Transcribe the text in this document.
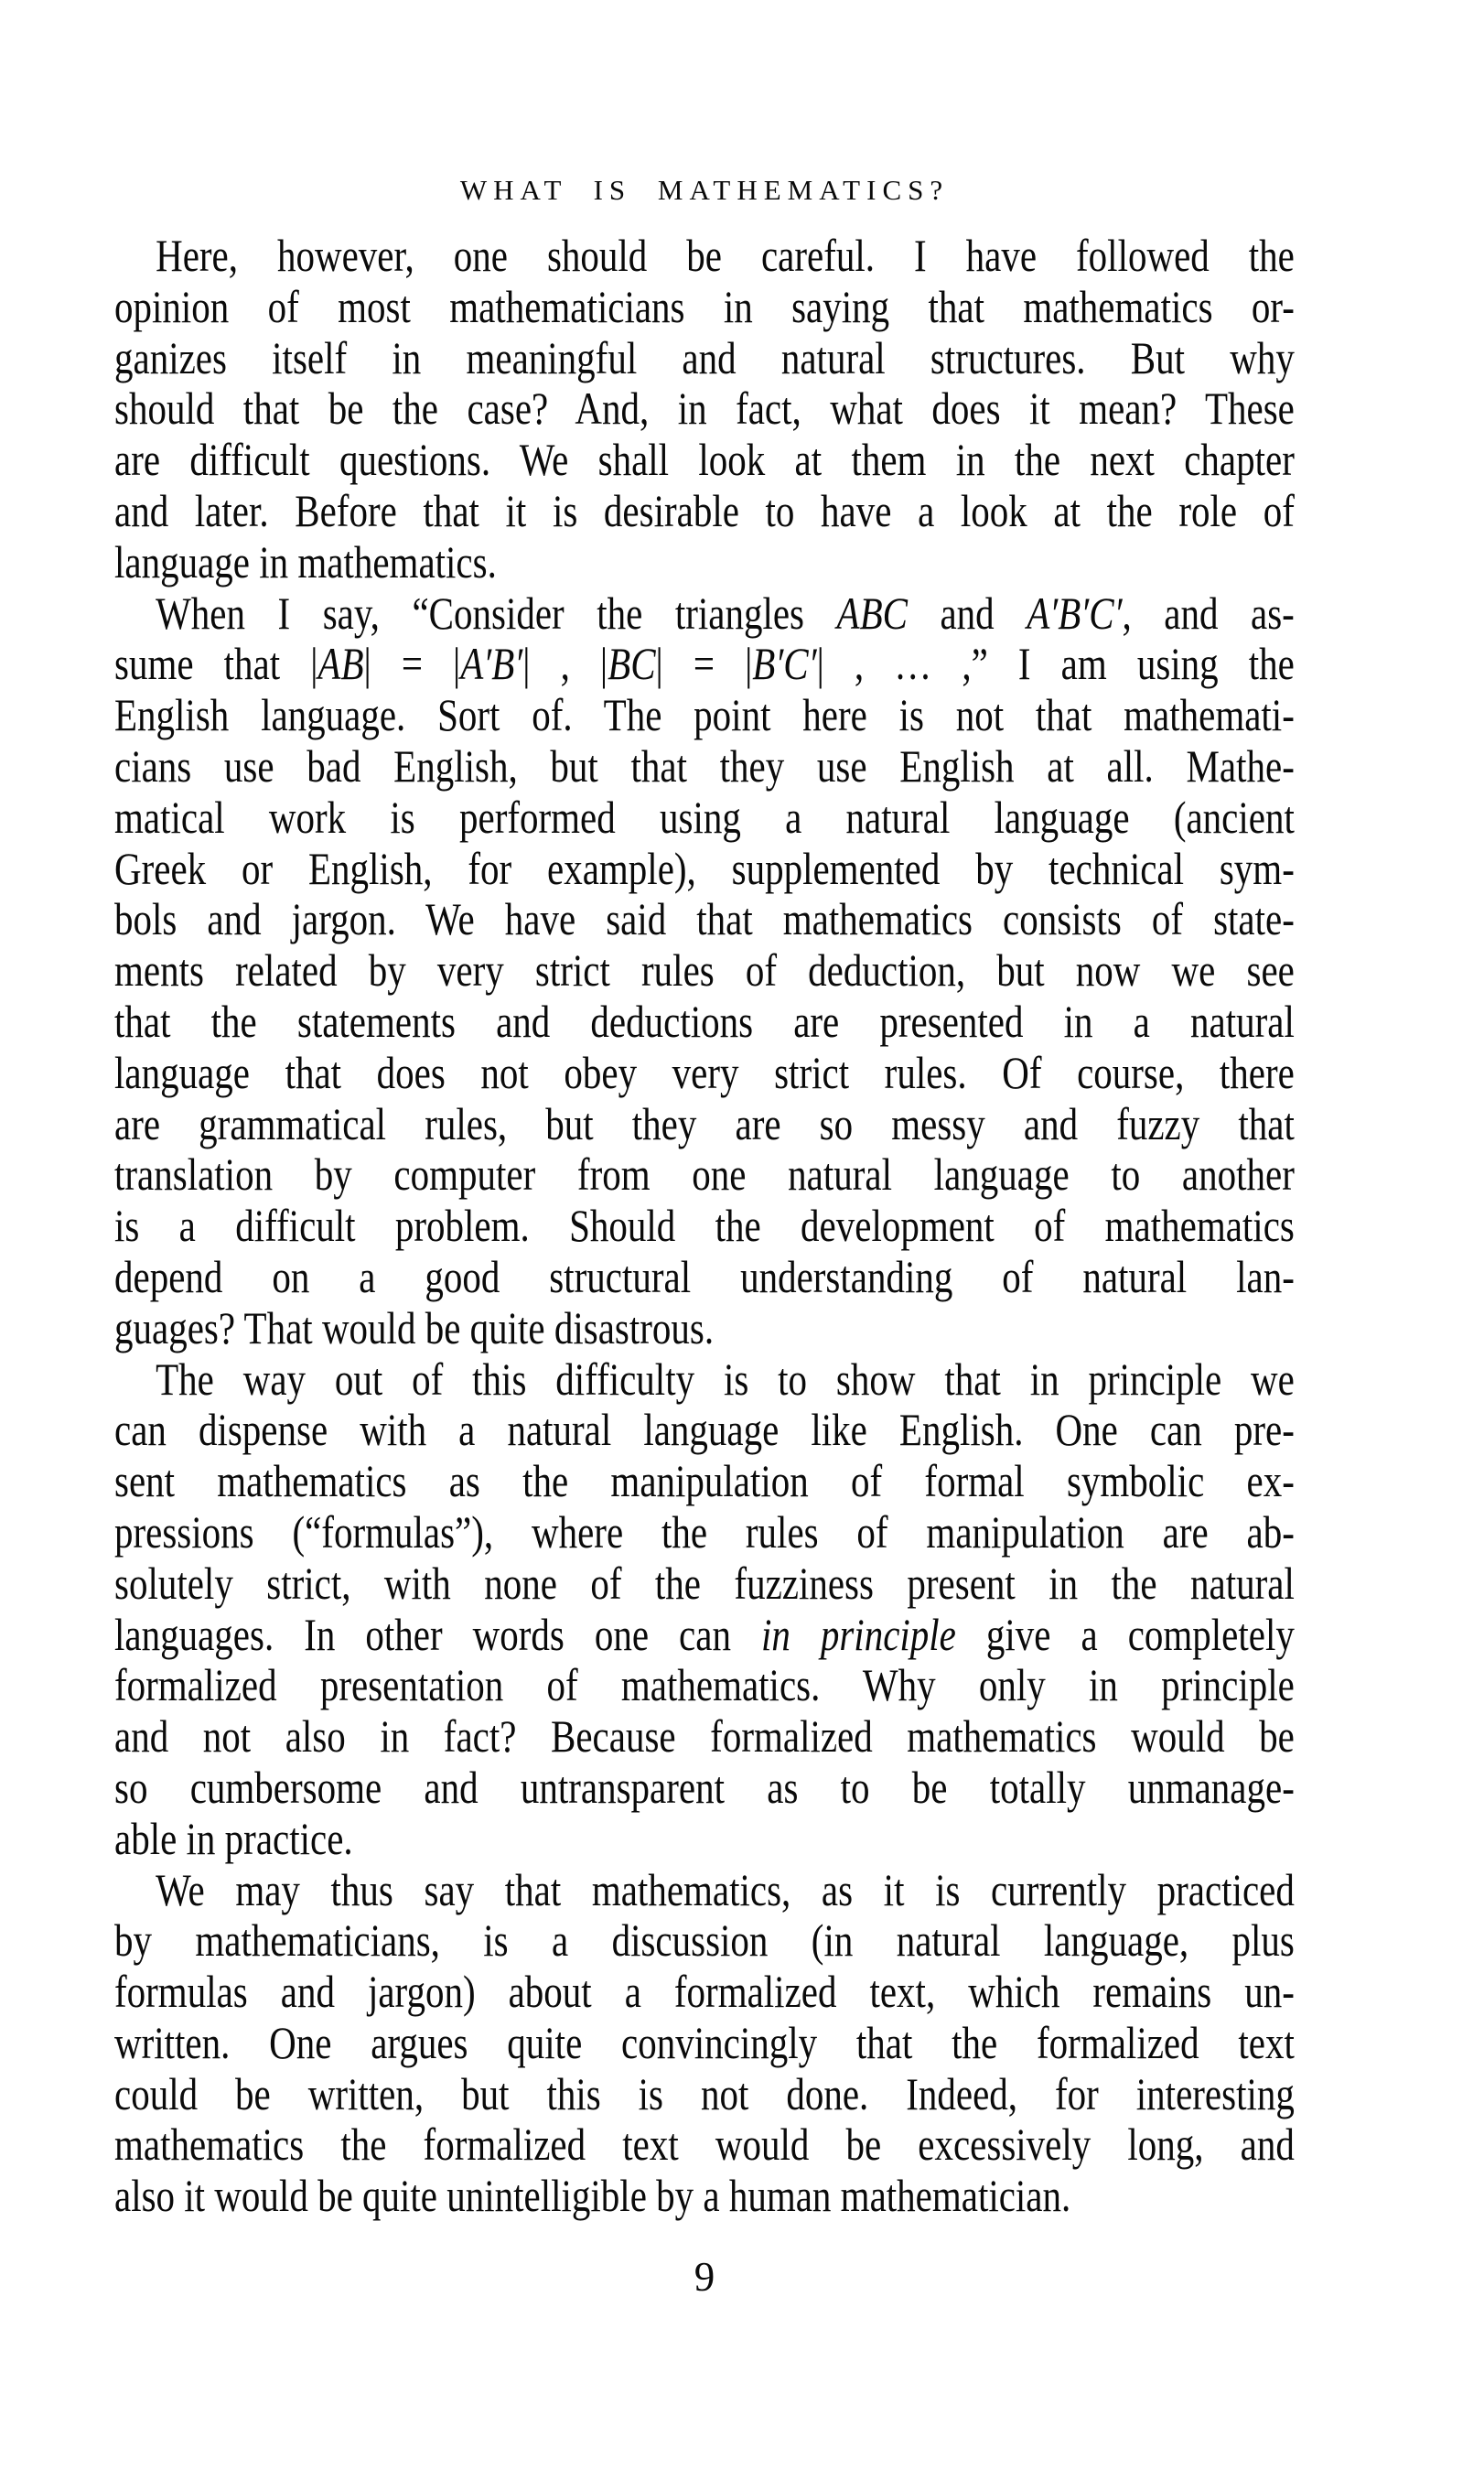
WHAT IS MATHEMATICS?
Here, however, one should be careful. I have followed the
opinion of most mathematicians in saying that mathematics or-
ganizes itself in meaningful and natural structures. But why
should that be the case? And, in fact, what does it mean? These
are difficult questions. We shall look at them in the next chapter
and later. Before that it is desirable to have a look at the role of
language in mathematics.
When I say, “Consider the triangles ABC and A′B′C′, and as-
sume that |AB| = |A′B′| , |BC| = |B′C′| , … ,” I am using the
English language. Sort of. The point here is not that mathemati-
cians use bad English, but that they use English at all. Mathe-
matical work is performed using a natural language (ancient
Greek or English, for example), supplemented by technical sym-
bols and jargon. We have said that mathematics consists of state-
ments related by very strict rules of deduction, but now we see
that the statements and deductions are presented in a natural
language that does not obey very strict rules. Of course, there
are grammatical rules, but they are so messy and fuzzy that
translation by computer from one natural language to another
is a difficult problem. Should the development of mathematics
depend on a good structural understanding of natural lan-
guages? That would be quite disastrous.
The way out of this difficulty is to show that in principle we
can dispense with a natural language like English. One can pre-
sent mathematics as the manipulation of formal symbolic ex-
pressions (“formulas”), where the rules of manipulation are ab-
solutely strict, with none of the fuzziness present in the natural
languages. In other words one can in principle give a completely
formalized presentation of mathematics. Why only in principle
and not also in fact? Because formalized mathematics would be
so cumbersome and untransparent as to be totally unmanage-
able in practice.
We may thus say that mathematics, as it is currently practiced
by mathematicians, is a discussion (in natural language, plus
formulas and jargon) about a formalized text, which remains un-
written. One argues quite convincingly that the formalized text
could be written, but this is not done. Indeed, for interesting
mathematics the formalized text would be excessively long, and
also it would be quite unintelligible by a human mathematician.
9
